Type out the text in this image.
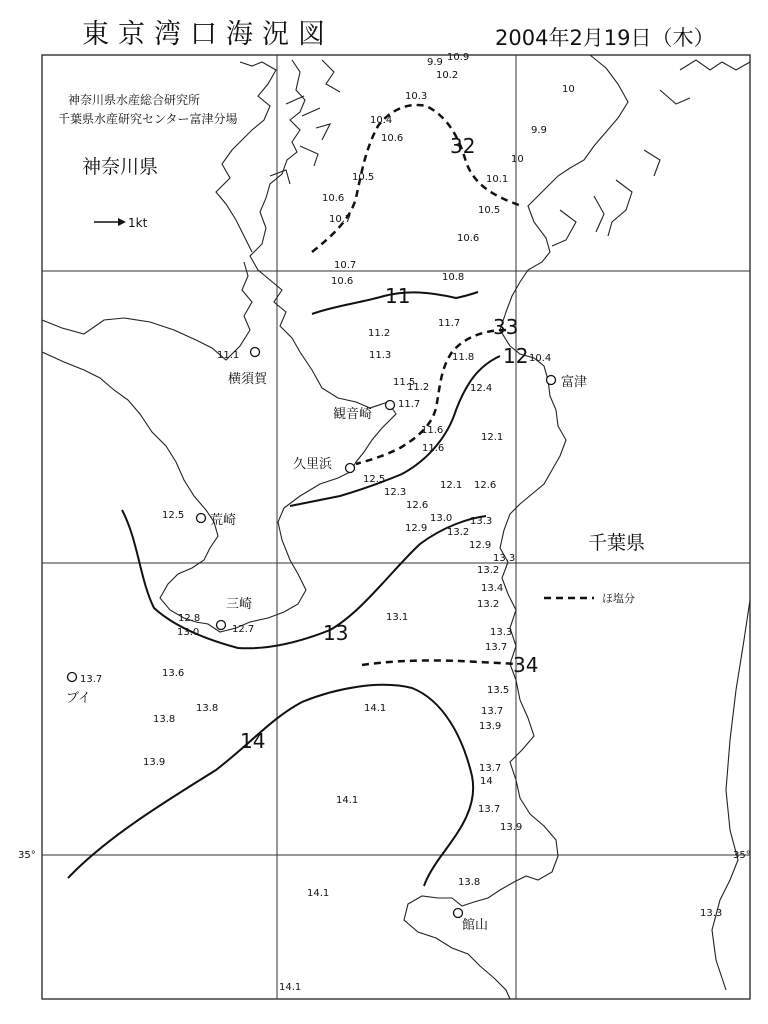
東京湾口海況図	2004年2月19日（木）
横須賀
観音崎
久里浜
荒崎
三崎
ブイ
富津
館山
9.9 10.9
10.2
10.3
10
10.4
9.9
10.6
10
10.5	10.1
10.6
10.5
10.7
10.6
10.7
10.6	10.8
11.7
11.2
11.1	11.3	11.8	10.4
11.5
11.2	12.4
11.7
11.6
12.1
11.6
12.5
12.1 12.6
12.3
12.6
12.5
12.9
13.0 13.3
13.2
12.9
13.3
13.2
13.4
13.2
12.8	13.1
13.0	12.7	13.3
13.7
13.6
13.7
13.5
14.1
13.8
13.8	13.7
13.9
13.9
13.7
14
14.1
13.7
13.9
13.8
14.1
13.3
14.1
11
12
13
14
32
33
34
神奈川県水産総合研究所
千葉県水産研究センター富津分場
神奈川県
千葉県
1kt
ほ塩分
35°	35°
